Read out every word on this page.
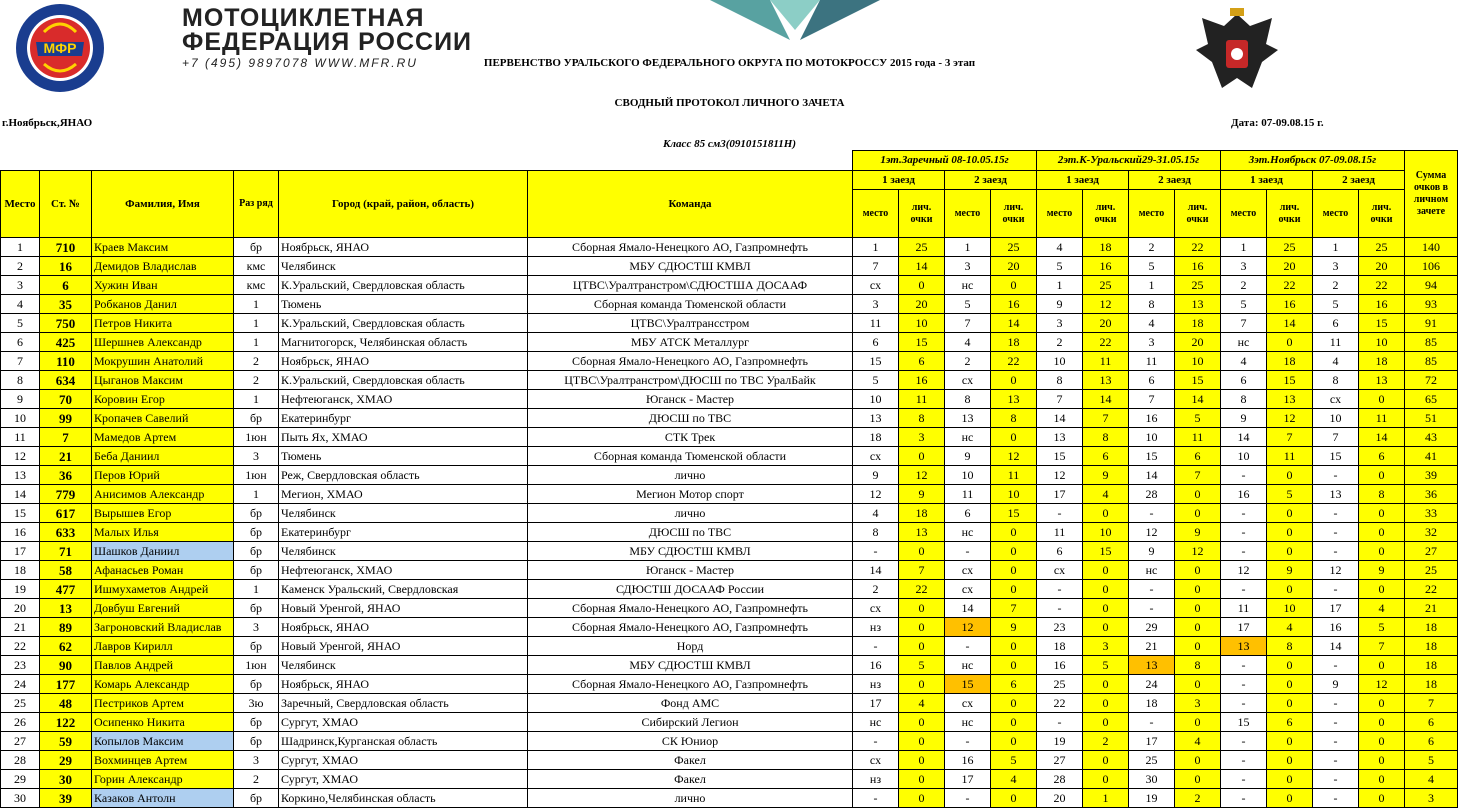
МФР
МОТОЦИКЛЕТНАЯ
ФЕДЕРАЦИЯ РОССИИ
+7 (495) 9897078 WWW.MFR.RU	ПЕРВЕНСТВО УРАЛЬСКОГО ФЕДЕРАЛЬНОГО ОКРУГА ПО МОТОКРОССУ 2015 года - 3 этап
СВОДНЫЙ ПРОТОКОЛ ЛИЧНОГО ЗАЧЕТА
г.Ноябрьск,ЯНАО	Дата: 07-09.08.15 г.
Класс 85 см3(0910151811Н)
						1эт.Заречный 08-10.05.15г				2эт.К-Уральский29-31.05.15г				3эт.Ноябрьск 07-09.08.15г				Сумма очков в личном зачете
Место	Ст. №	Фамилия, Имя	Раз ряд	Город (край, район, область)	Команда	1 заезд		2 заезд		1 заезд		2 заезд		1 заезд		2 заезд		
						место	лич. очки	место	лич. очки	место	лич. очки	место	лич. очки	место	лич. очки	место	лич. очки	

1	710	Краев Максим	бр	Ноябрьск, ЯНАО	Сборная Ямало-Ненецкого АО, Газпромнефть	1	25	1	25	4	18	2	22	1	25	1	25	140
2	16	Демидов Владислав	кмс	Челябинск	МБУ СДЮСТШ КМВЛ	7	14	3	20	5	16	5	16	3	20	3	20	106
3	6	Хужин Иван	кмс	К.Уральский, Свердловская область	ЦТВС\Уралтранстром\СДЮСТША ДОСААФ	сх	0	нс	0	1	25	1	25	2	22	2	22	94
4	35	Робканов Данил	1	Тюмень	Сборная команда Тюменской области	3	20	5	16	9	12	8	13	5	16	5	16	93
5	750	Петров Никита	1	К.Уральский, Свердловская область	ЦТВС\Уралтрансстром	11	10	7	14	3	20	4	18	7	14	6	15	91
6	425	Шершнев Александр	1	Магнитогорск, Челябинская область	МБУ АТСК Металлург	6	15	4	18	2	22	3	20	нс	0	11	10	85
7	110	Мокрушин Анатолий	2	Ноябрьск, ЯНАО	Сборная Ямало-Ненецкого АО, Газпромнефть	15	6	2	22	10	11	11	10	4	18	4	18	85
8	634	Цыганов Максим	2	К.Уральский, Свердловская область	ЦТВС\Уралтранстром\ДЮСШ по ТВС УралБайк	5	16	сх	0	8	13	6	15	6	15	8	13	72
9	70	Коровин Егор	1	Нефтеюганск, ХМАО	Юганск - Мастер	10	11	8	13	7	14	7	14	8	13	сх	0	65
10	99	Кропачев Савелий	бр	Екатеринбург	ДЮСШ по ТВС	13	8	13	8	14	7	16	5	9	12	10	11	51
11	7	Мамедов Артем	1юн	Пыть Ях, ХМАО	СТК Трек	18	3	нс	0	13	8	10	11	14	7	7	14	43
12	21	Беба Даниил	3	Тюмень	Сборная команда Тюменской области	сх	0	9	12	15	6	15	6	10	11	15	6	41
13	36	Перов Юрий	1юн	Реж, Свердловская область	лично	9	12	10	11	12	9	14	7	-	0	-	0	39
14	779	Анисимов Александр	1	Мегион, ХМАО	Мегион Мотор спорт	12	9	11	10	17	4	28	0	16	5	13	8	36
15	617	Вырышев Егор	бр	Челябинск	лично	4	18	6	15	-	0	-	0	-	0	-	0	33
16	633	Малых Илья	бр	Екатеринбург	ДЮСШ по ТВС	8	13	нс	0	11	10	12	9	-	0	-	0	32
17	71	Шашков Даниил	бр	Челябинск	МБУ СДЮСТШ КМВЛ	-	0	-	0	6	15	9	12	-	0	-	0	27
18	58	Афанасьев Роман	бр	Нефтеюганск, ХМАО	Юганск - Мастер	14	7	сх	0	сх	0	нс	0	12	9	12	9	25
19	477	Ишмухаметов Андрей	1	Каменск Уральский, Свердловская	СДЮСТШ ДОСААФ России	2	22	сх	0	-	0	-	0	-	0	-	0	22
20	13	Довбуш Евгений	бр	Новый Уренгой, ЯНАО	Сборная Ямало-Ненецкого АО, Газпромнефть	сх	0	14	7	-	0	-	0	11	10	17	4	21
21	89	Загроновский Владислав	3	Ноябрьск, ЯНАО	Сборная Ямало-Ненецкого АО, Газпромнефть	нз	0	12	9	23	0	29	0	17	4	16	5	18
22	62	Лавров Кирилл	бр	Новый Уренгой, ЯНАО	Норд	-	0	-	0	18	3	21	0	13	8	14	7	18
23	90	Павлов Андрей	1юн	Челябинск	МБУ СДЮСТШ КМВЛ	16	5	нс	0	16	5	13	8	-	0	-	0	18
24	177	Комарь Александр	бр	Ноябрьск, ЯНАО	Сборная Ямало-Ненецкого АО, Газпромнефть	нз	0	15	6	25	0	24	0	-	0	9	12	18
25	48	Пестриков Артем	3ю	Заречный, Свердловская область	Фонд АМС	17	4	сх	0	22	0	18	3	-	0	-	0	7
26	122	Осипенко Никита	бр	Сургут, ХМАО	Сибирский Легион	нс	0	нс	0	-	0	-	0	15	6	-	0	6
27	59	Копылов Максим	бр	Шадринск,Курганская область	СК Юниор	-	0	-	0	19	2	17	4	-	0	-	0	6
28	29	Вохминцев Артем	3	Сургут, ХМАО	Факел	сх	0	16	5	27	0	25	0	-	0	-	0	5
29	30	Горин Александр	2	Сургут, ХМАО	Факел	нз	0	17	4	28	0	30	0	-	0	-	0	4
30	39	Казаков Антолн	бр	Коркино,Челябинская область	лично	-	0	-	0	20	1	19	2	-	0	-	0	3
